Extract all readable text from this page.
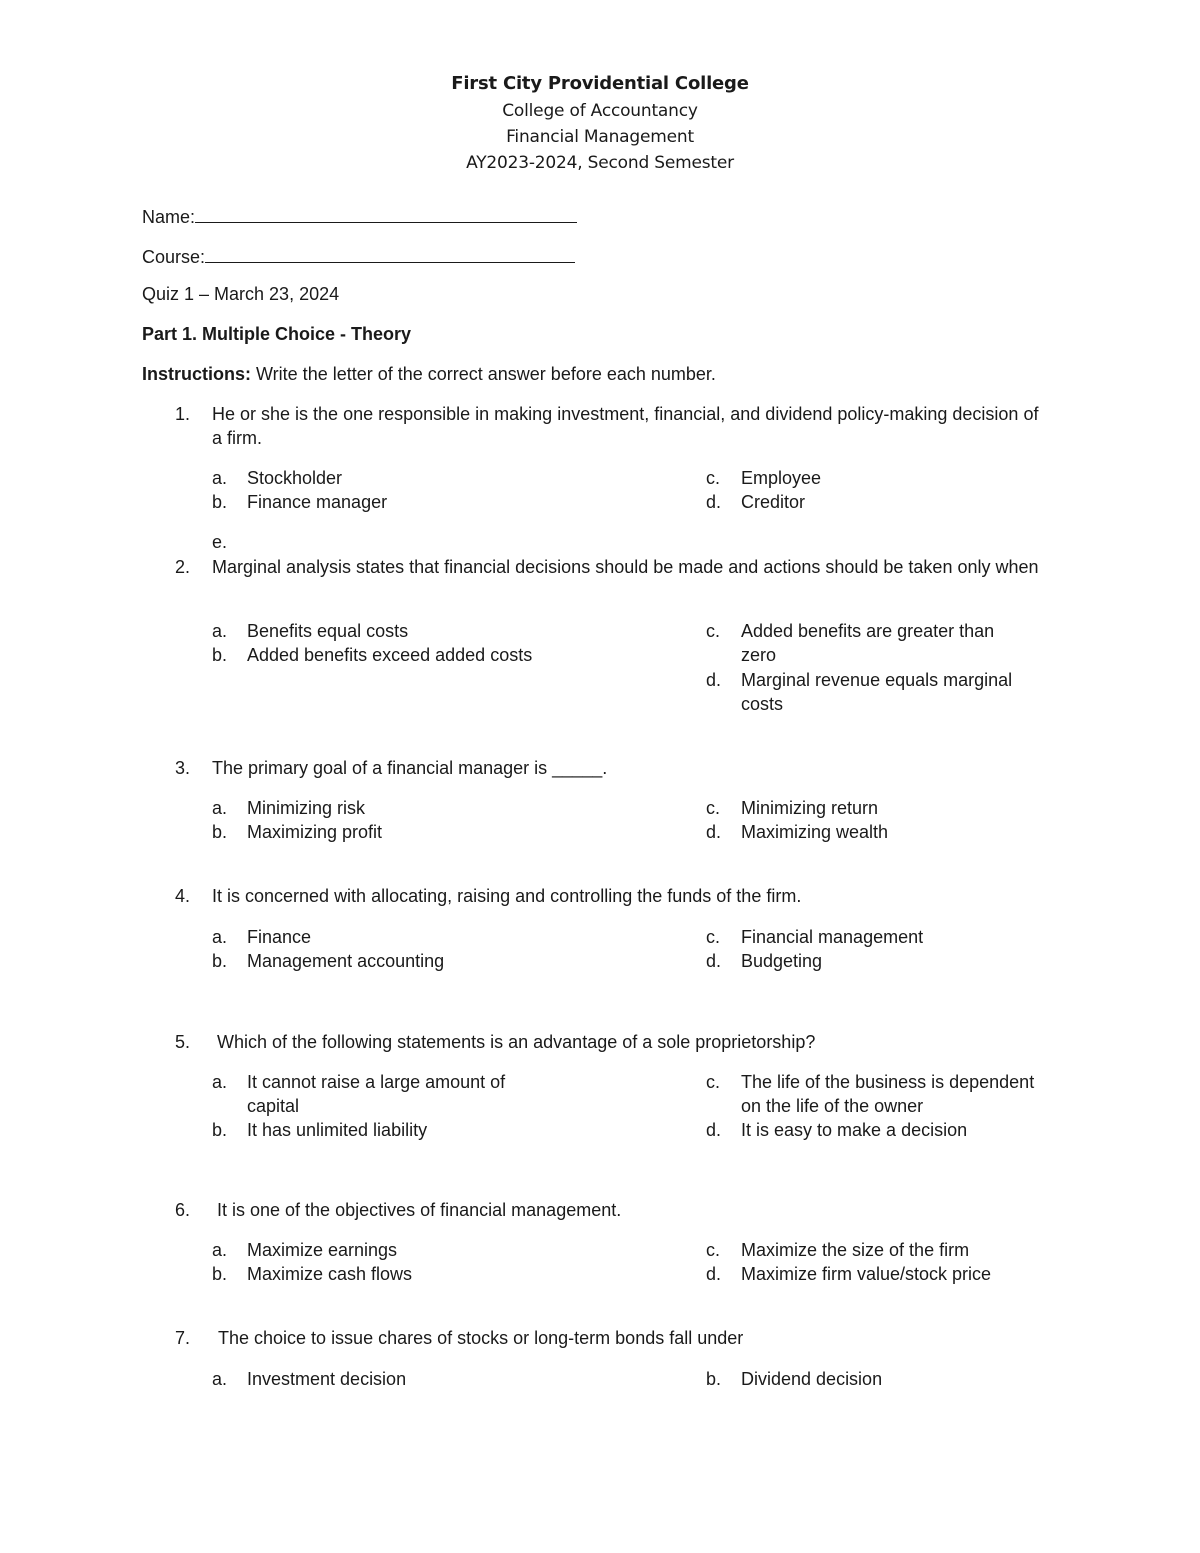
First City Providential College
College of Accountancy
Financial Management
AY2023-2024, Second Semester
Name:
Course:
Quiz 1 – March 23, 2024
Part 1. Multiple Choice - Theory
Instructions: Write the letter of the correct answer before each number.
1. He or she is the one responsible in making investment, financial, and dividend policy-making decision of a firm.
a.	Stockholder
b.	Finance manager
c.	Employee
d.	Creditor
e.
2. Marginal analysis states that financial decisions should be made and actions should be taken only when
a.	Benefits equal costs
b.	Added benefits exceed added costs
c.	Added benefits are greater than zero
d.	Marginal revenue equals marginal costs
3. The primary goal of a financial manager is _____.
a.	Minimizing risk
b.	Maximizing profit
c.	Minimizing return
d.	Maximizing wealth
4. It is concerned with allocating, raising and controlling the funds of the firm.
a.	Finance
b.	Management accounting
c.	Financial management
d.	Budgeting
5. Which of the following statements is an advantage of a sole proprietorship?
a.	It cannot raise a large amount of capital
b.	It has unlimited liability
c.	The life of the business is dependent on the life of the owner
d.	It is easy to make a decision
6. It is one of the objectives of financial management.
a.	Maximize earnings
b.	Maximize cash flows
c.	Maximize the size of the firm
d.	Maximize firm value/stock price
7. The choice to issue chares of stocks or long-term bonds fall under
a.	Investment decision	b.	Dividend decision
